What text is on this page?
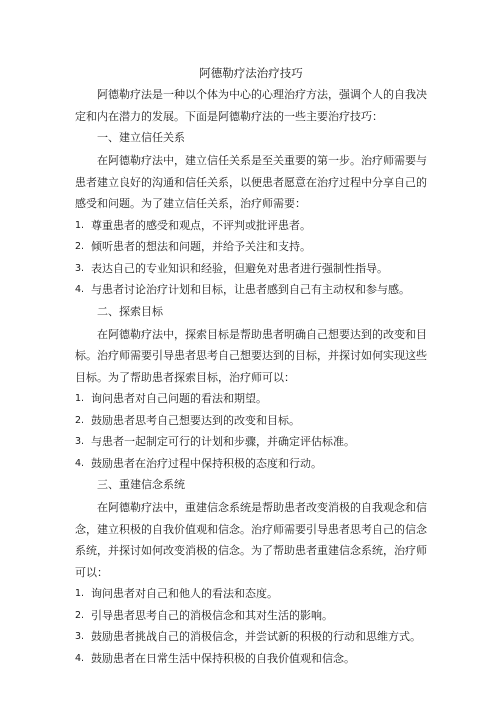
阿德勒疗法治疗技巧

阿德勒疗法是一种以个体为中心的心理治疗方法，强调个人的自我决定和内在潜力的发展。下面是阿德勒疗法的一些主要治疗技巧：

一、建立信任关系

在阿德勒疗法中，建立信任关系是至关重要的第一步。治疗师需要与患者建立良好的沟通和信任关系，以便患者愿意在治疗过程中分享自己的感受和问题。为了建立信任关系，治疗师需要：

1. 尊重患者的感受和观点，不评判或批评患者。
2. 倾听患者的想法和问题，并给予关注和支持。
3. 表达自己的专业知识和经验，但避免对患者进行强制性指导。
4. 与患者讨论治疗计划和目标，让患者感到自己有主动权和参与感。
二、探索目标

在阿德勒疗法中，探索目标是帮助患者明确自己想要达到的改变和目标。治疗师需要引导患者思考自己想要达到的目标，并探讨如何实现这些目标。为了帮助患者探索目标，治疗师可以：

1. 询问患者对自己问题的看法和期望。
2. 鼓励患者思考自己想要达到的改变和目标。
3. 与患者一起制定可行的计划和步骤，并确定评估标准。
4. 鼓励患者在治疗过程中保持积极的态度和行动。
三、重建信念系统

在阿德勒疗法中，重建信念系统是帮助患者改变消极的自我观念和信念，建立积极的自我价值观和信念。治疗师需要引导患者思考自己的信念系统，并探讨如何改变消极的信念。为了帮助患者重建信念系统，治疗师可以：

1. 询问患者对自己和他人的看法和态度。
2. 引导患者思考自己的消极信念和其对生活的影响。
3. 鼓励患者挑战自己的消极信念，并尝试新的积极的行动和思维方式。
4. 鼓励患者在日常生活中保持积极的自我价值观和信念。
